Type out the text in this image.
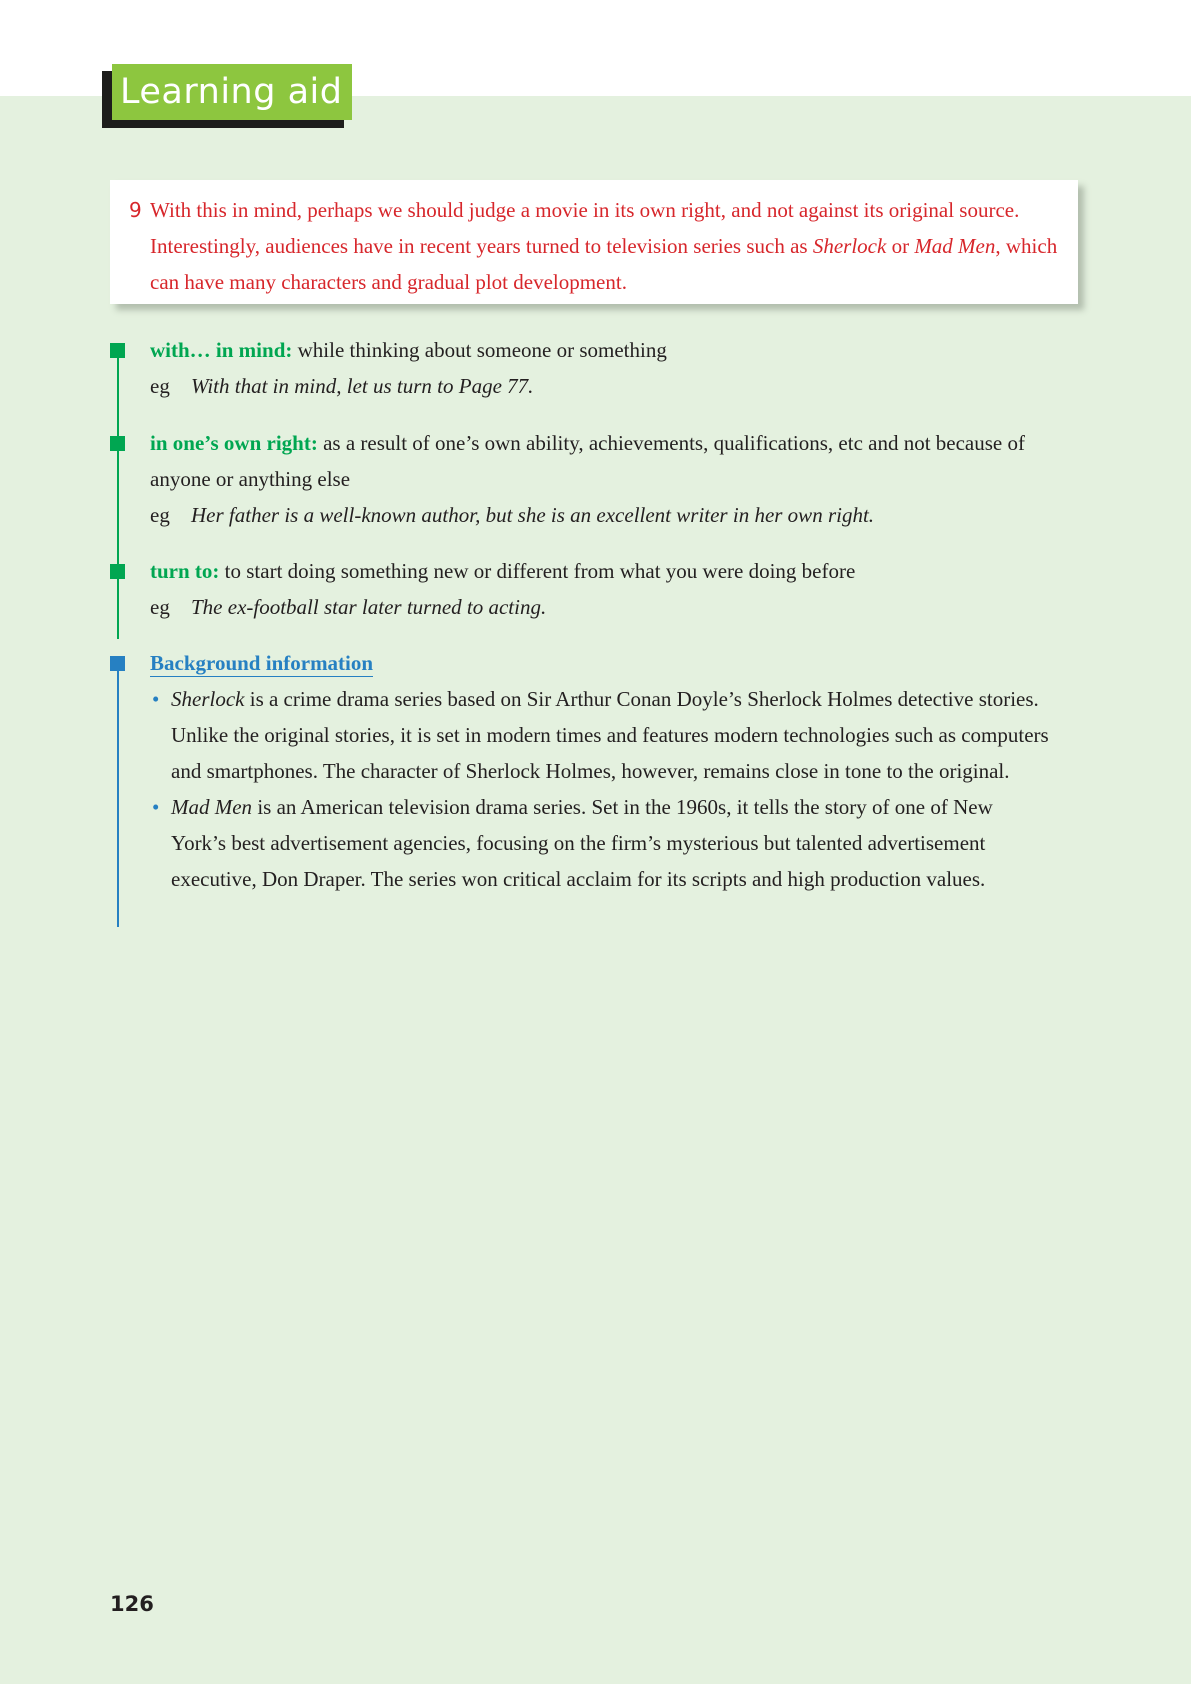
Learning aid
9 With this in mind, perhaps we should judge a movie in its own right, and not against its original source. Interestingly, audiences have in recent years turned to television series such as Sherlock or Mad Men, which can have many characters and gradual plot development.
with… in mind: while thinking about someone or something
eg With that in mind, let us turn to Page 77.
in one’s own right: as a result of one’s own ability, achievements, qualifications, etc and not because of anyone or anything else
eg Her father is a well-known author, but she is an excellent writer in her own right.
turn to: to start doing something new or different from what you were doing before
eg The ex-football star later turned to acting.
Background information
• Sherlock is a crime drama series based on Sir Arthur Conan Doyle’s Sherlock Holmes detective stories. Unlike the original stories, it is set in modern times and features modern technologies such as computers and smartphones. The character of Sherlock Holmes, however, remains close in tone to the original.
• Mad Men is an American television drama series. Set in the 1960s, it tells the story of one of New York’s best advertisement agencies, focusing on the firm’s mysterious but talented advertisement executive, Don Draper. The series won critical acclaim for its scripts and high production values.
126
